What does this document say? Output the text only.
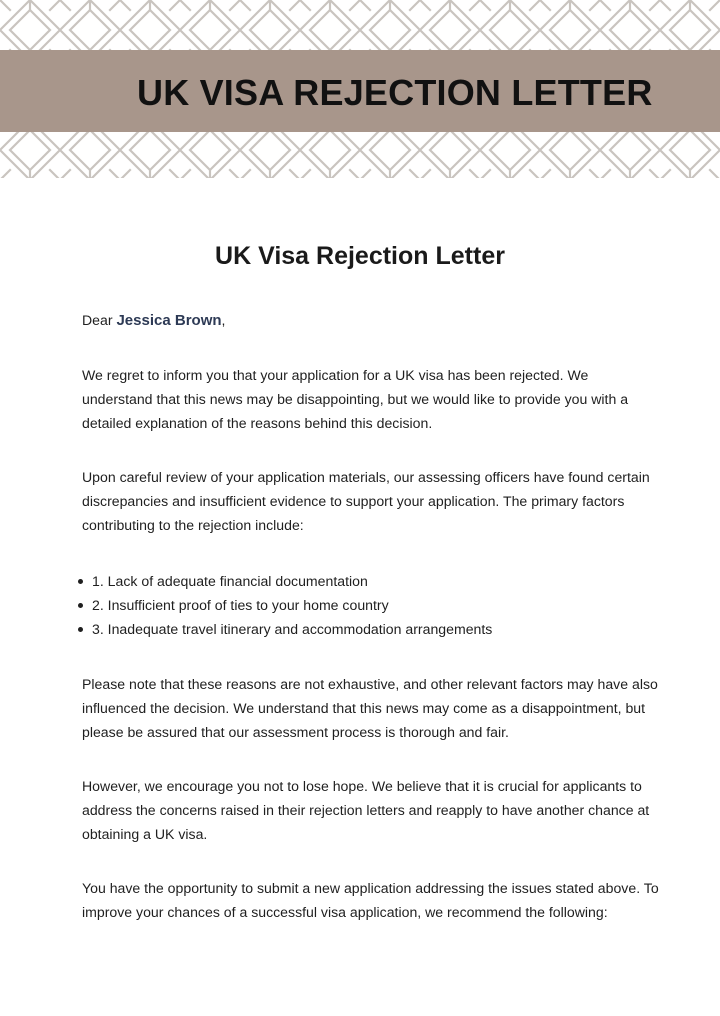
UK VISA REJECTION LETTER
UK Visa Rejection Letter

Dear Jessica Brown,

We regret to inform you that your application for a UK visa has been rejected. We understand that this news may be disappointing, but we would like to provide you with a detailed explanation of the reasons behind this decision.

Upon careful review of your application materials, our assessing officers have found certain discrepancies and insufficient evidence to support your application. The primary factors contributing to the rejection include:

1. Lack of adequate financial documentation
2. Insufficient proof of ties to your home country
3. Inadequate travel itinerary and accommodation arrangements

Please note that these reasons are not exhaustive, and other relevant factors may have also influenced the decision. We understand that this news may come as a disappointment, but please be assured that our assessment process is thorough and fair.

However, we encourage you not to lose hope. We believe that it is crucial for applicants to address the concerns raised in their rejection letters and reapply to have another chance at obtaining a UK visa.

You have the opportunity to submit a new application addressing the issues stated above. To improve your chances of a successful visa application, we recommend the following:
